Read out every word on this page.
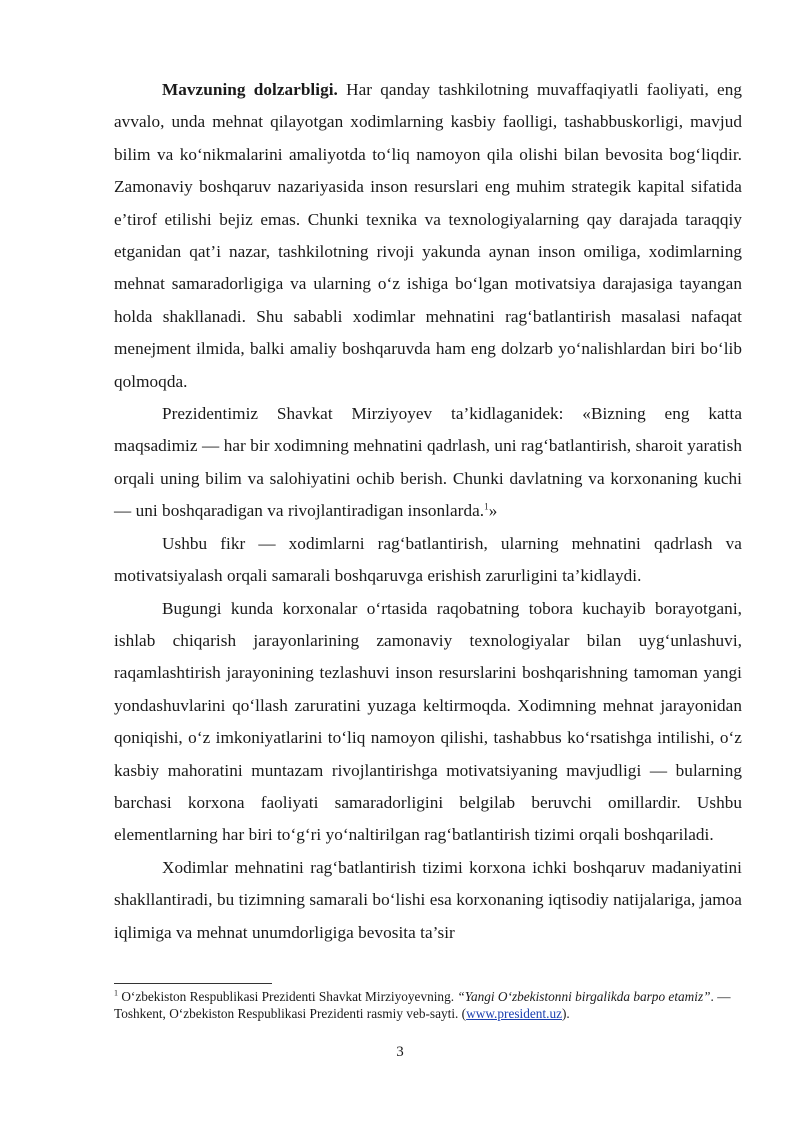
Mavzuning dolzarbligi. Har qanday tashkilotning muvaffaqiyatli faoliyati, eng avvalo, unda mehnat qilayotgan xodimlarning kasbiy faolligi, tashabbuskorligi, mavjud bilim va ko‘nikmalarini amaliyotda to‘liq namoyon qila olishi bilan bevosita bog‘liqdir. Zamonaviy boshqaruv nazariyasida inson resurslari eng muhim strategik kapital sifatida e’tirof etilishi bejiz emas. Chunki texnika va texnologiyalarning qay darajada taraqqiy etganidan qat’i nazar, tashkilotning rivoji yakunda aynan inson omiliga, xodimlarning mehnat samaradorligiga va ularning o‘z ishiga bo‘lgan motivatsiya darajasiga tayangan holda shakllanadi. Shu sababli xodimlar mehnatini rag‘batlantirish masalasi nafaqat menejment ilmida, balki amaliy boshqaruvda ham eng dolzarb yo‘nalishlardan biri bo‘lib qolmoqda.

Prezidentimiz Shavkat Mirziyoyev ta’kidlaganidek: «Bizning eng katta maqsadimiz — har bir xodimning mehnatini qadrlash, uni rag‘batlantirish, sharoit yaratish orqali uning bilim va salohiyatini ochib berish. Chunki davlatning va korxonaning kuchi — uni boshqaradigan va rivojlantiradigan insonlarda.$^1$»

Ushbu fikr — xodimlarni rag‘batlantirish, ularning mehnatini qadrlash va motivatsiyalash orqali samarali boshqaruvga erishish zarurligini ta’kidlaydi.

Bugungi kunda korxonalar o‘rtasida raqobatning tobora kuchayib borayotgani, ishlab chiqarish jarayonlarining zamonaviy texnologiyalar bilan uyg‘unlashuvi, raqamlashtirish jarayonining tezlashuvi inson resurslarini boshqarishning tamoman yangi yondashuvlarini qo‘llash zaruratini yuzaga keltirmoqda. Xodimning mehnat jarayonidan qoniqishi, o‘z imkoniyatlarini to‘liq namoyon qilishi, tashabbus ko‘rsatishga intilishi, o‘z kasbiy mahoratini muntazam rivojlantirishga motivatsiyaning mavjudligi — bularning barchasi korxona faoliyati samaradorligini belgilab beruvchi omillardir. Ushbu elementlarning har biri to‘g‘ri yo‘naltirilgan rag‘batlantirish tizimi orqali boshqariladi.

Xodimlar mehnatini rag‘batlantirish tizimi korxona ichki boshqaruv madaniyatini shakllantiradi, bu tizimning samarali bo‘lishi esa korxonaning iqtisodiy natijalariga, jamoa iqlimiga va mehnat unumdorligiga bevosita ta’sir

$^1$ O‘zbekiston Respublikasi Prezidenti Shavkat Mirziyoyevning. “Yangi O‘zbekistonni birgalikda barpo etamiz”. — Toshkent, O‘zbekiston Respublikasi Prezidenti rasmiy veb-sayti. (www.president.uz).

3
